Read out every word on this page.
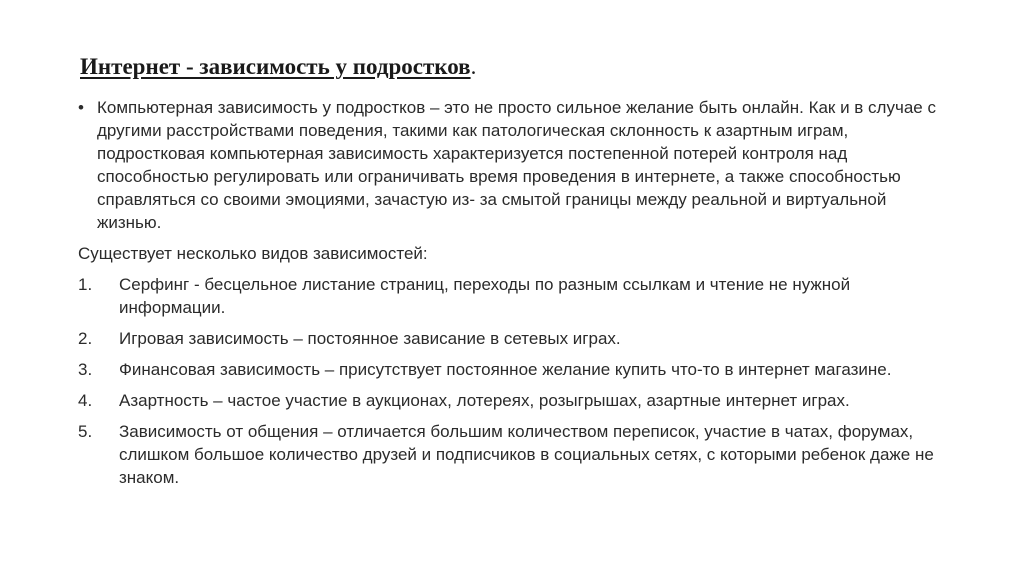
Интернет - зависимость у подростков.
• Компьютерная зависимость у подростков – это не просто сильное желание быть онлайн. Как и в случае с другими расстройствами поведения, такими как патологическая склонность к азартным играм, подростковая компьютерная зависимость характеризуется постепенной потерей контроля над способностью регулировать или ограничивать время проведения в интернете, а также способностью справляться со своими эмоциями, зачастую из- за смытой границы между реальной и виртуальной жизнью.
Существует несколько видов зависимостей:
1. Серфинг - бесцельное листание страниц, переходы по разным ссылкам и чтение не нужной информации.
2. Игровая зависимость – постоянное зависание в сетевых играх.
3. Финансовая зависимость – присутствует постоянное желание купить что-то в интернет магазине.
4. Азартность – частое участие в аукционах, лотереях, розыгрышах, азартные интернет играх.
5. Зависимость от общения – отличается большим количеством переписок, участие в чатах, форумах, слишком большое количество друзей и подписчиков в социальных сетях, с которыми ребенок даже не знаком.
